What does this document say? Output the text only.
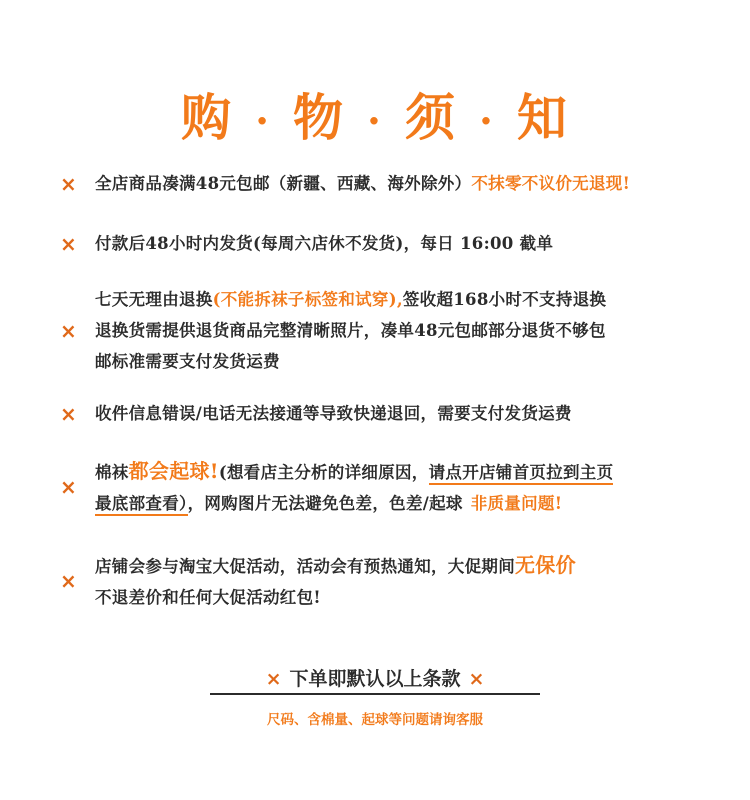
购 · 物 · 须 · 知
× 全店商品凑满48元包邮（新疆、西藏、海外除外）不抹零不议价无退现!
× 付款后48小时内发货(每周六店休不发货)，每日 16:00 截单
×
七天无理由退换(不能拆袜子标签和试穿),签收超168小时不支持退换
退换货需提供退货商品完整清晰照片，凑单48元包邮部分退货不够包
邮标准需要支付发货运费
× 收件信息错误/电话无法接通等导致快递退回，需要支付发货运费
×
棉袜都会起球!(想看店主分析的详细原因，请点开店铺首页拉到主页
最底部查看），网购图片无法避免色差，色差/起球 非质量问题!
×
店铺会参与淘宝大促活动，活动会有预热通知，大促期间无保价
不退差价和任何大促活动红包!
× 下单即默认以上条款 ×
尺码、含棉量、起球等问题请询客服
